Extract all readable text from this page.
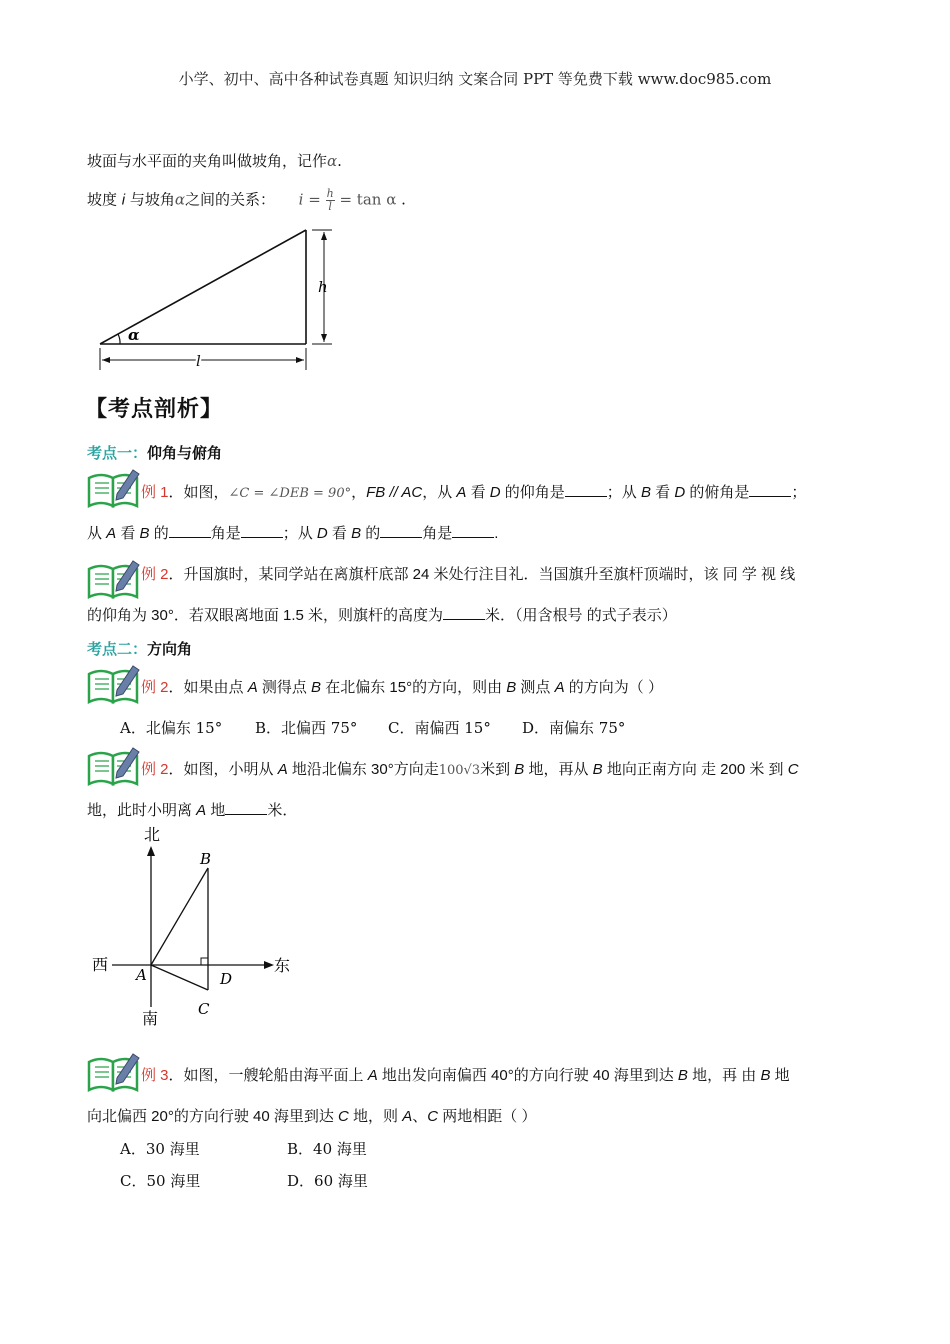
小学、初中、高中各种试卷真题 知识归纳 文案合同 PPT 等免费下载 www.doc985.com
坡面与水平面的夹角叫做坡角，记作α.
坡度 i 与坡角α之间的关系： $i = \frac{h}{l} = \tan \alpha$ .
α
h
l
【考点剖析】
考点一：仰角与俯角
例 1．如图，∠C = ∠DEB = 90°，FB // AC，从 A 看 D 的仰角是	；从 B 看 D 的俯角是	；
从 A 看 B 的	角是	；从 D 看 B 的	角是	.
例 2．升国旗时，某同学站在离旗杆底部 24 米处行注目礼．当国旗升至旗杆顶端时，该 同 学 视 线
的仰角为 30°．若双眼离地面 1.5 米，则旗杆的高度为	米．（用含根号 的式子表示）
考点二：方向角
例 2．如果由点 A 测得点 B 在北偏东 15°的方向，则由 B 测点 A 的方向为（ ）
A．北偏东 15° B．北偏西 75° C．南偏西 15° D．南偏东 75°
例 2．如图，小明从 A 地沿北偏东 30°方向走100√3米到 B 地，再从 B 地向正南方向 走 200 米 到 C
地，此时小明离 A 地	米．
北
南
西	东
B
A	D
C
例 3．如图，一艘轮船由海平面上 A 地出发向南偏西 40°的方向行驶 40 海里到达 B 地，再 由 B 地
向北偏西 20°的方向行驶 40 海里到达 C 地，则 A、C 两地相距（ ）
A．30 海里	B．40 海里
C．50 海里	D．60 海里
